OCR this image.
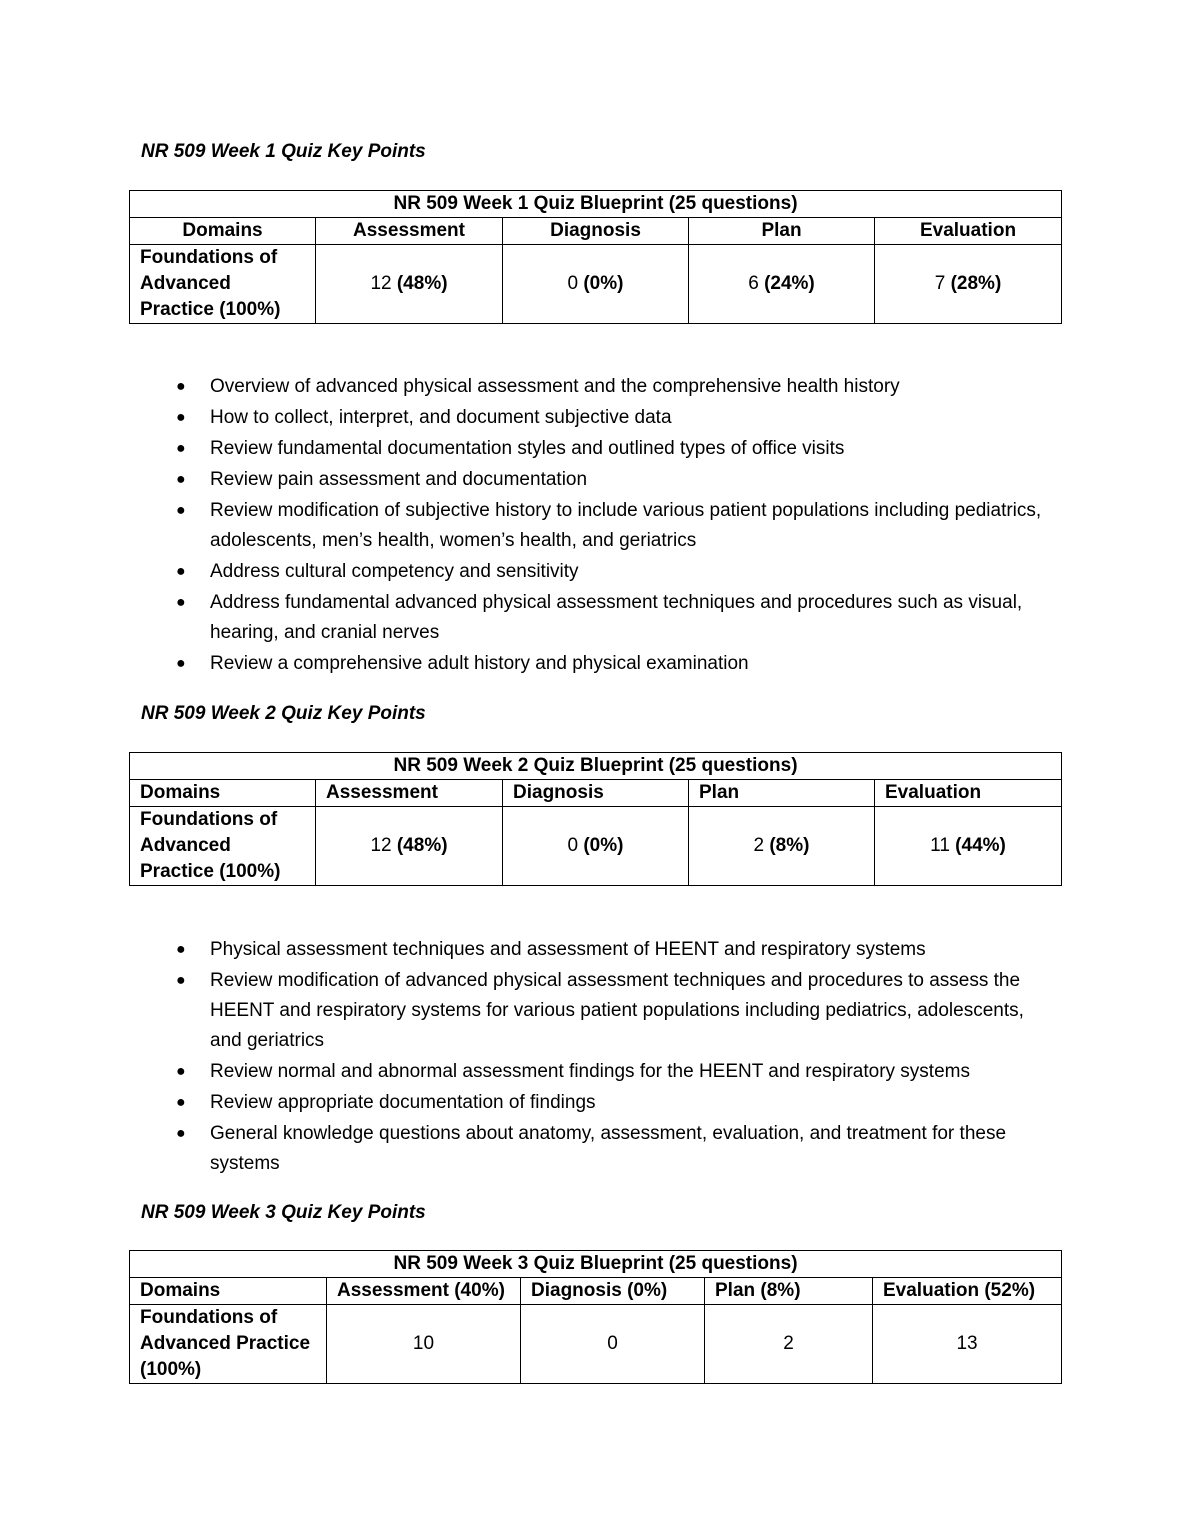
NR 509 Week 1 Quiz Key Points
NR 509 Week 1 Quiz Blueprint (25 questions)				
Domains	Assessment	Diagnosis	Plan	Evaluation
Foundations of Advanced Practice (100%)	12 (48%)	0 (0%)	6 (24%)	7 (28%)
● Overview of advanced physical assessment and the comprehensive health history
● How to collect, interpret, and document subjective data
● Review fundamental documentation styles and outlined types of office visits
● Review pain assessment and documentation
● Review modification of subjective history to include various patient populations including pediatrics, adolescents, men’s health, women’s health, and geriatrics
● Address cultural competency and sensitivity
● Address fundamental advanced physical assessment techniques and procedures such as visual, hearing, and cranial nerves
● Review a comprehensive adult history and physical examination
NR 509 Week 2 Quiz Key Points
NR 509 Week 2 Quiz Blueprint (25 questions)				
Domains	Assessment	Diagnosis	Plan	Evaluation
Foundations of Advanced Practice (100%)	12 (48%)	0 (0%)	2 (8%)	11 (44%)
● Physical assessment techniques and assessment of HEENT and respiratory systems
● Review modification of advanced physical assessment techniques and procedures to assess the HEENT and respiratory systems for various patient populations including pediatrics, adolescents, and geriatrics
● Review normal and abnormal assessment findings for the HEENT and respiratory systems
● Review appropriate documentation of findings
● General knowledge questions about anatomy, assessment, evaluation, and treatment for these systems
NR 509 Week 3 Quiz Key Points
NR 509 Week 3 Quiz Blueprint (25 questions)				
Domains	Assessment (40%)	Diagnosis (0%)	Plan (8%)	Evaluation (52%)
Foundations of Advanced Practice (100%)	10	0	2	13
